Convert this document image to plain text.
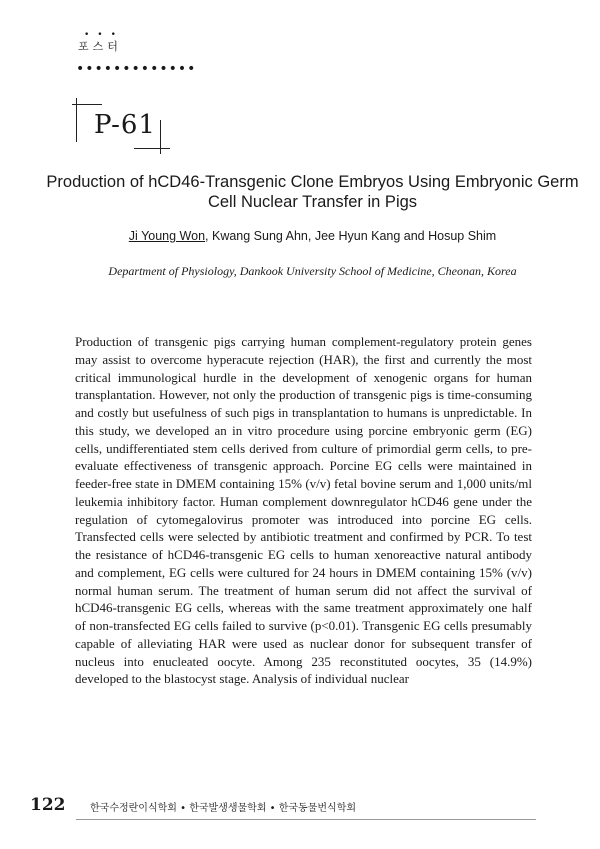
•••
포스터
•••••••••••••
P-61
Production of hCD46-Transgenic Clone Embryos Using Embryonic Germ Cell Nuclear Transfer in Pigs
Ji Young Won, Kwang Sung Ahn, Jee Hyun Kang and Hosup Shim
Department of Physiology, Dankook University School of Medicine, Cheonan, Korea

Production of transgenic pigs carrying human complement-regulatory protein genes may assist to overcome hyperacute rejection (HAR), the first and currently the most critical immunological hurdle in the development of xenogenic organs for human transplantation. However, not only the production of transgenic pigs is time-consuming and costly but usefulness of such pigs in transplantation to humans is unpredictable. In this study, we developed an in vitro procedure using porcine embryonic germ (EG) cells, undifferentiated stem cells derived from culture of primordial germ cells, to pre-evaluate effectiveness of transgenic approach. Porcine EG cells were maintained in feeder-free state in DMEM containing 15% (v/v) fetal bovine serum and 1,000 units/ml leukemia inhibitory factor. Human complement downregulator hCD46 gene under the regulation of cytomegalovirus promoter was introduced into porcine EG cells. Transfected cells were selected by antibiotic treatment and confirmed by PCR. To test the resistance of hCD46-transgenic EG cells to human xenoreactive natural antibody and complement, EG cells were cultured for 24 hours in DMEM containing 15% (v/v) normal human serum. The treatment of human serum did not affect the survival of hCD46-transgenic EG cells, whereas with the same treatment approximately one half of non-transfected EG cells failed to survive (p<0.01). Transgenic EG cells presumably capable of alleviating HAR were used as nuclear donor for subsequent transfer of nucleus into enucleated oocyte. Among 235 reconstituted oocytes, 35 (14.9%) developed to the blastocyst stage. Analysis of individual nuclear

122 한국수정란이식학회 • 한국발생생물학회 • 한국동물번식학회
